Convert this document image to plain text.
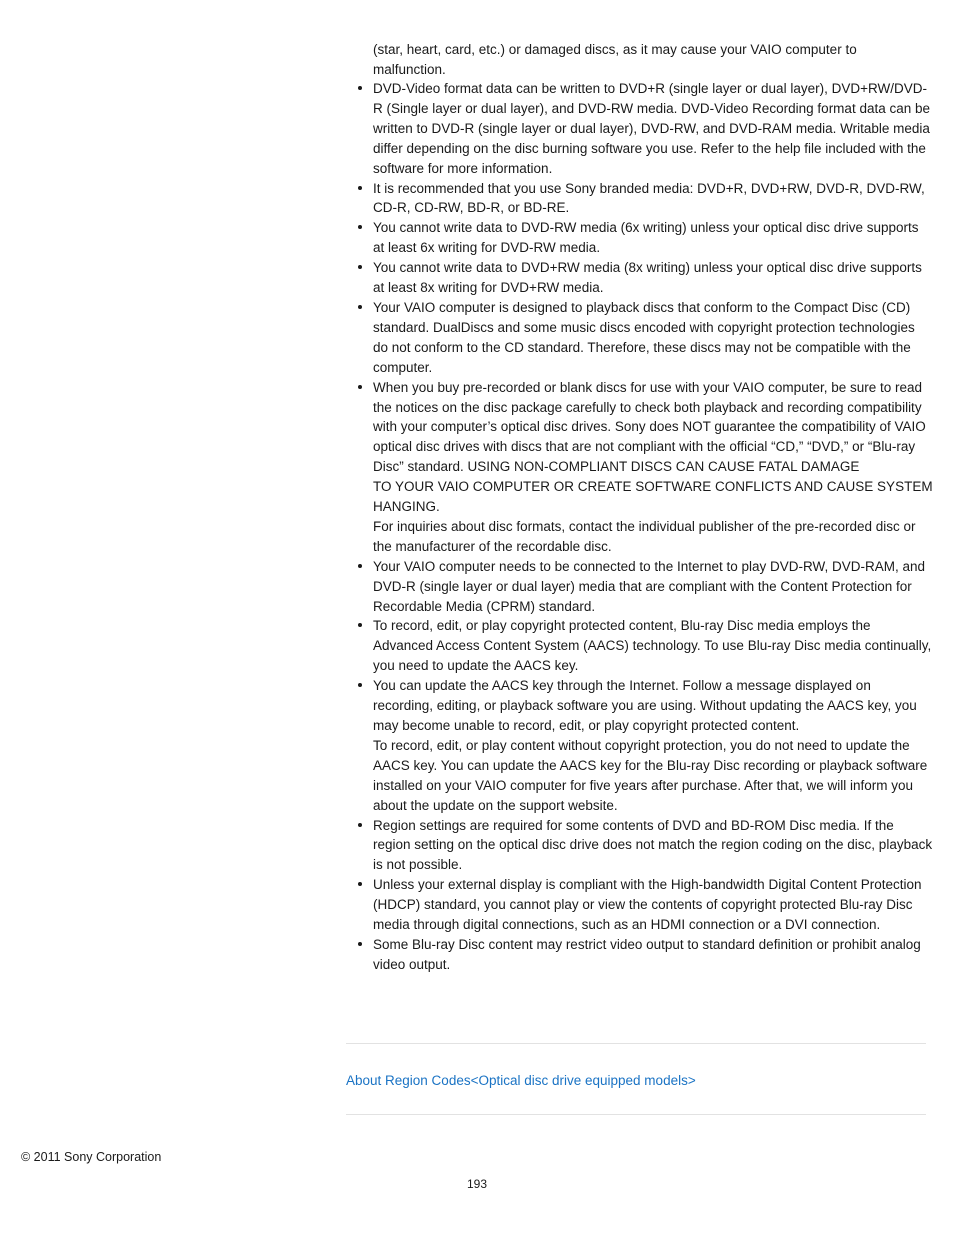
(star, heart, card, etc.) or damaged discs, as it may cause your VAIO computer to malfunction.

DVD-Video format data can be written to DVD+R (single layer or dual layer), DVD+RW/DVD-R (Single layer or dual layer), and DVD-RW media. DVD-Video Recording format data can be written to DVD-R (single layer or dual layer), DVD-RW, and DVD-RAM media. Writable media differ depending on the disc burning software you use. Refer to the help file included with the software for more information.

It is recommended that you use Sony branded media: DVD+R, DVD+RW, DVD-R, DVD-RW, CD-R, CD-RW, BD-R, or BD-RE.

You cannot write data to DVD-RW media (6x writing) unless your optical disc drive supports at least 6x writing for DVD-RW media.

You cannot write data to DVD+RW media (8x writing) unless your optical disc drive supports at least 8x writing for DVD+RW media.

Your VAIO computer is designed to playback discs that conform to the Compact Disc (CD) standard. DualDiscs and some music discs encoded with copyright protection technologies do not conform to the CD standard. Therefore, these discs may not be compatible with the computer.

When you buy pre-recorded or blank discs for use with your VAIO computer, be sure to read the notices on the disc package carefully to check both playback and recording compatibility with your computer’s optical disc drives. Sony does NOT guarantee the compatibility of VAIO optical disc drives with discs that are not compliant with the official “CD,” “DVD,” or “Blu-ray Disc” standard. USING NON-COMPLIANT DISCS CAN CAUSE FATAL DAMAGE

TO YOUR VAIO COMPUTER OR CREATE SOFTWARE CONFLICTS AND CAUSE SYSTEM HANGING.

For inquiries about disc formats, contact the individual publisher of the pre-recorded disc or the manufacturer of the recordable disc.

Your VAIO computer needs to be connected to the Internet to play DVD-RW, DVD-RAM, and DVD-R (single layer or dual layer) media that are compliant with the Content Protection for Recordable Media (CPRM) standard.

To record, edit, or play copyright protected content, Blu-ray Disc media employs the Advanced Access Content System (AACS) technology. To use Blu-ray Disc media continually, you need to update the AACS key.

You can update the AACS key through the Internet. Follow a message displayed on recording, editing, or playback software you are using. Without updating the AACS key, you may become unable to record, edit, or play copyright protected content.

To record, edit, or play content without copyright protection, you do not need to update the AACS key. You can update the AACS key for the Blu-ray Disc recording or playback software installed on your VAIO computer for five years after purchase. After that, we will inform you about the update on the support website.

Region settings are required for some contents of DVD and BD-ROM Disc media. If the region setting on the optical disc drive does not match the region coding on the disc, playback is not possible.

Unless your external display is compliant with the High-bandwidth Digital Content Protection (HDCP) standard, you cannot play or view the contents of copyright protected Blu-ray Disc media through digital connections, such as an HDMI connection or a DVI connection.

Some Blu-ray Disc content may restrict video output to standard definition or prohibit analog video output.

About Region Codes<Optical disc drive equipped models>
© 2011 Sony Corporation
193
